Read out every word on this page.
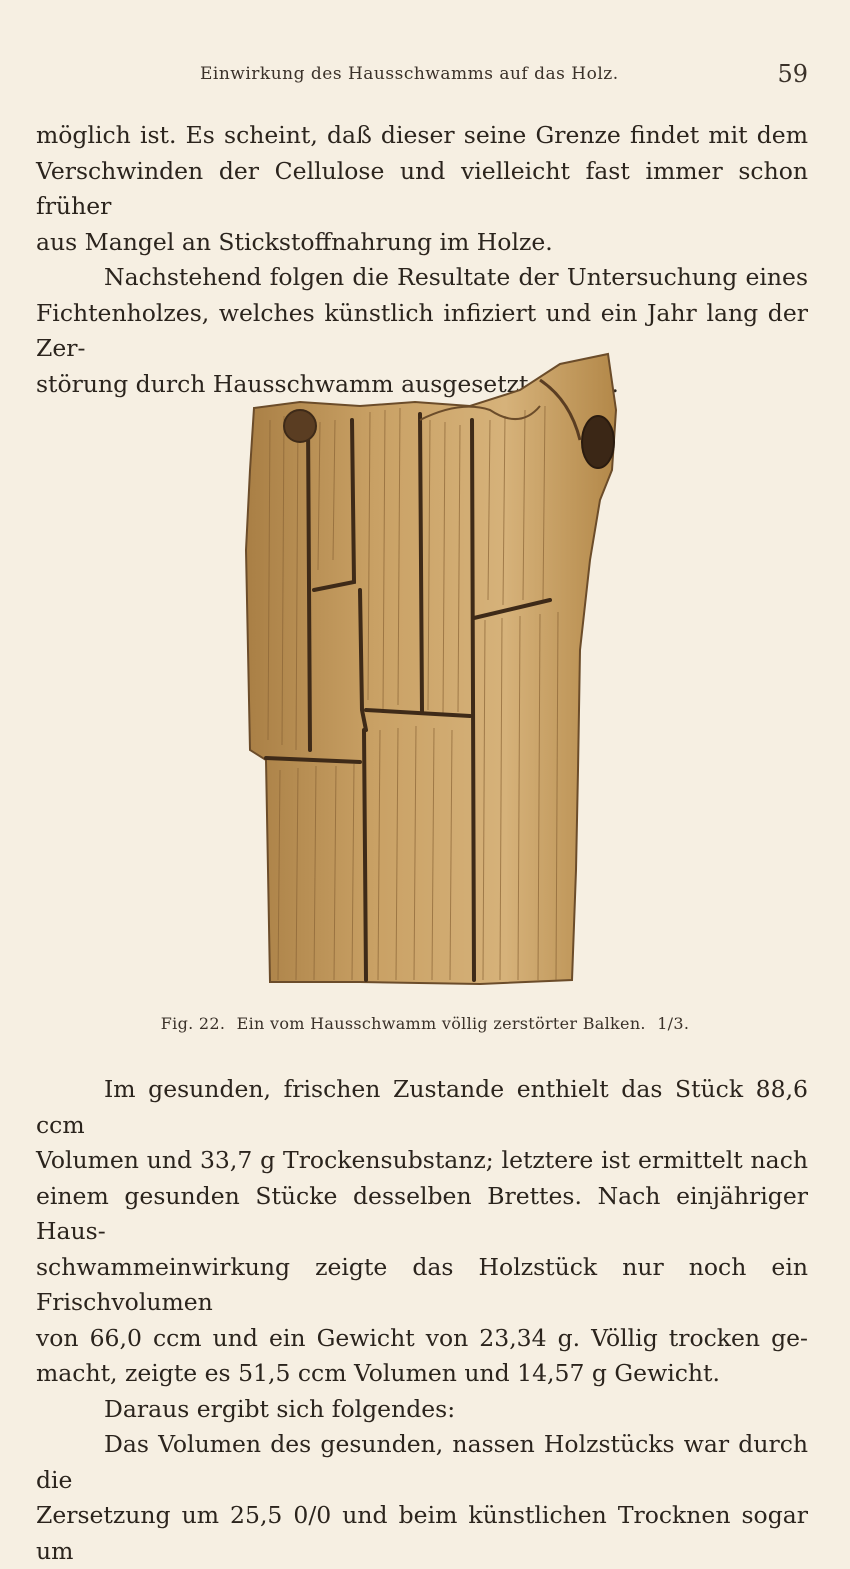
Einwirkung des Hausschwamms auf das Holz.	59

möglich ist. Es scheint, daß dieser seine Grenze findet mit dem

Verschwinden der Cellulose und vielleicht fast immer schon früher

aus Mangel an Stickstoffnahrung im Holze.

Nachstehend folgen die Resultate der Untersuchung eines

Fichtenholzes, welches künstlich infiziert und ein Jahr lang der Zer-

störung durch Hausschwamm ausgesetzt wurde.

Fig. 22. Ein vom Hausschwamm völlig zerstörter Balken. 1/3.

Im gesunden, frischen Zustande enthielt das Stück 88,6 ccm

Volumen und 33,7 g Trockensubstanz; letztere ist ermittelt nach

einem gesunden Stücke desselben Brettes. Nach einjähriger Haus-

schwammeinwirkung zeigte das Holzstück nur noch ein Frischvolumen

von 66,0 ccm und ein Gewicht von 23,34 g. Völlig trocken ge-

macht, zeigte es 51,5 ccm Volumen und 14,57 g Gewicht.

Daraus ergibt sich folgendes:

Das Volumen des gesunden, nassen Holzstücks war durch die

Zersetzung um 25,5 0/0 und beim künstlichen Trocknen sogar um
